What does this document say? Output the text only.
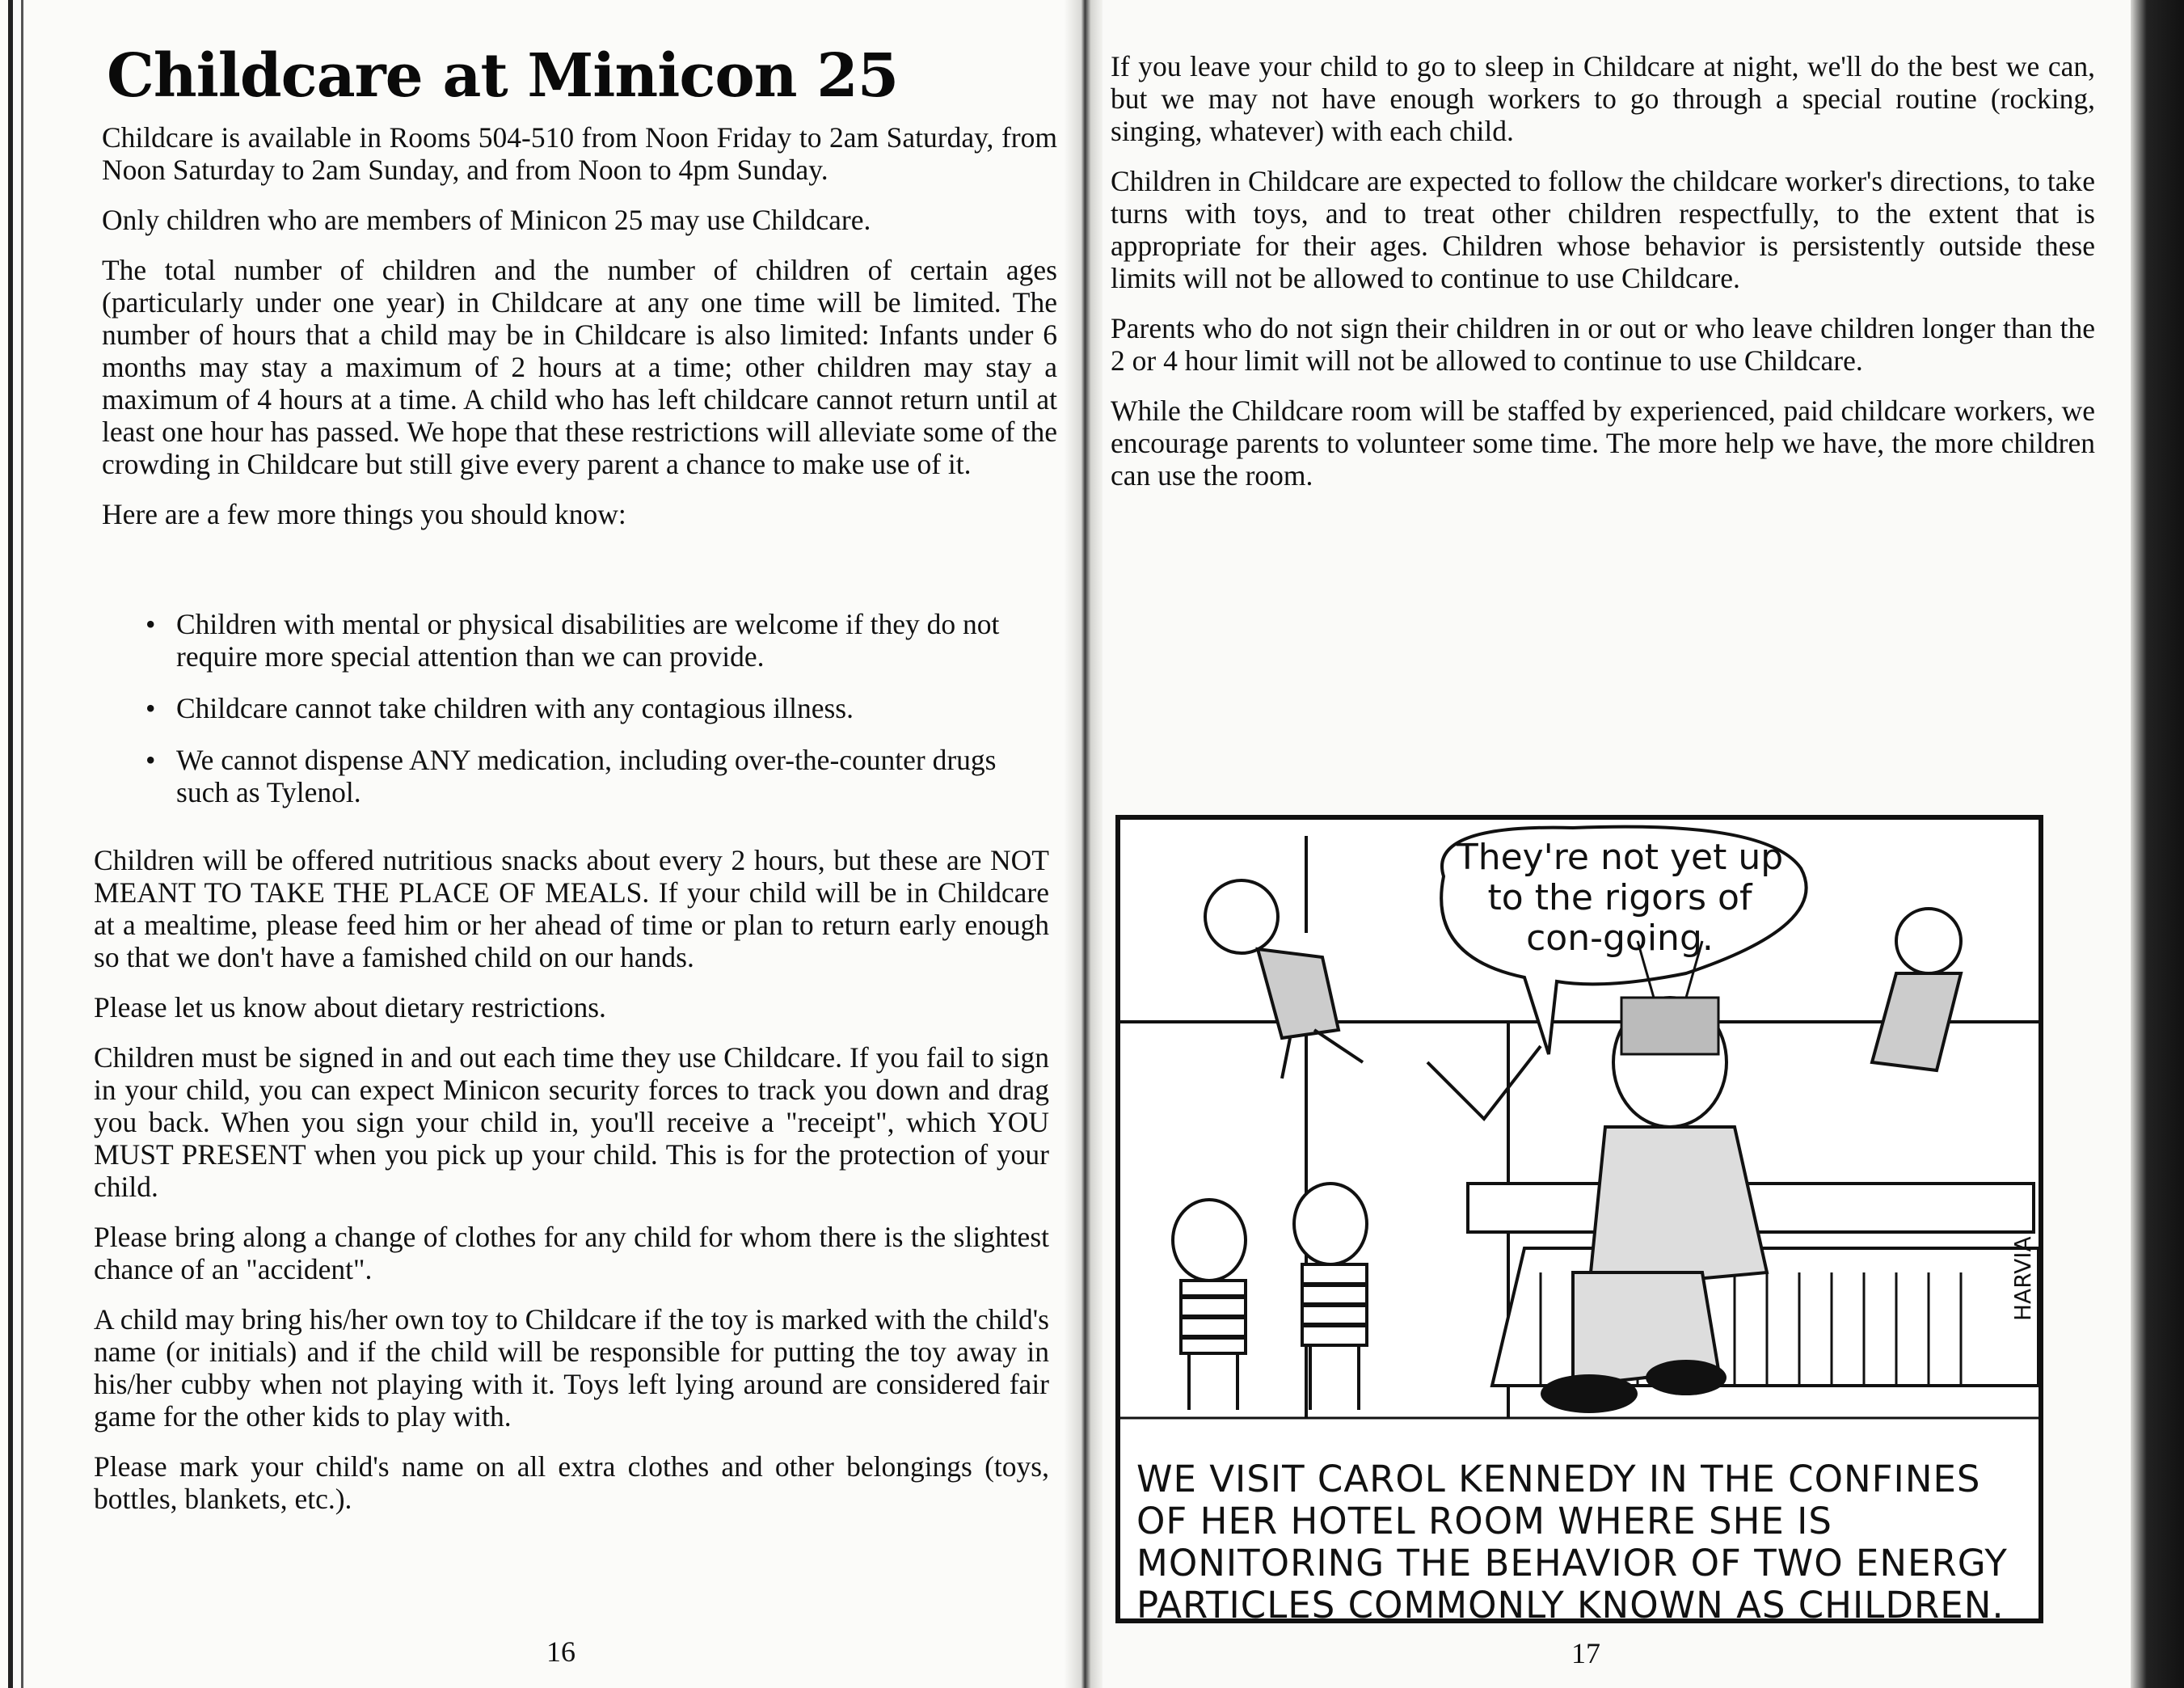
Childcare at Minicon 25

Childcare is available in Rooms 504-510 from Noon Friday to 2am Saturday, from Noon Saturday to 2am Sunday, and from Noon to 4pm Sunday.

Only children who are members of Minicon 25 may use Childcare.

The total number of children and the number of children of certain ages (particularly under one year) in Childcare at any one time will be limited. The number of hours that a child may be in Childcare is also limited: Infants under 6 months may stay a maximum of 2 hours at a time; other children may stay a maximum of 4 hours at a time. A child who has left childcare cannot return until at least one hour has passed. We hope that these restrictions will alleviate some of the crowding in Childcare but still give every parent a chance to make use of it.

Here are a few more things you should know:

• Children with mental or physical disabilities are welcome if they do not require more special attention than we can provide.
• Childcare cannot take children with any contagious illness.
• We cannot dispense ANY medication, including over-the-counter drugs such as Tylenol.

Children will be offered nutritious snacks about every 2 hours, but these are NOT MEANT TO TAKE THE PLACE OF MEALS. If your child will be in Childcare at a mealtime, please feed him or her ahead of time or plan to return early enough so that we don't have a famished child on our hands.

Please let us know about dietary restrictions.

Children must be signed in and out each time they use Childcare. If you fail to sign in your child, you can expect Minicon security forces to track you down and drag you back. When you sign your child in, you'll receive a "receipt", which YOU MUST PRESENT when you pick up your child. This is for the protection of your child.

Please bring along a change of clothes for any child for whom there is the slightest chance of an "accident".

A child may bring his/her own toy to Childcare if the toy is marked with the child's name (or initials) and if the child will be responsible for putting the toy away in his/her cubby when not playing with it. Toys left lying around are considered fair game for the other kids to play with.

Please mark your child's name on all extra clothes and other belongings (toys, bottles, blankets, etc.).

16

If you leave your child to go to sleep in Childcare at night, we'll do the best we can, but we may not have enough workers to go through a special routine (rocking, singing, whatever) with each child.

Children in Childcare are expected to follow the childcare worker's directions, to take turns with toys, and to treat other children respectfully, to the extent that is appropriate for their ages. Children whose behavior is persistently outside these limits will not be allowed to continue to use Childcare.

Parents who do not sign their children in or out or who leave children longer than the 2 or 4 hour limit will not be allowed to continue to use Childcare.

While the Childcare room will be staffed by experienced, paid childcare workers, we encourage parents to volunteer some time. The more help we have, the more children can use the room.

17
They're not yet up to the rigors of con-going.
HARVIA
WE VISIT CAROL KENNEDY IN THE CONFINES OF HER HOTEL ROOM WHERE SHE IS MONITORING THE BEHAVIOR OF TWO ENERGY PARTICLES COMMONLY KNOWN AS CHILDREN.
